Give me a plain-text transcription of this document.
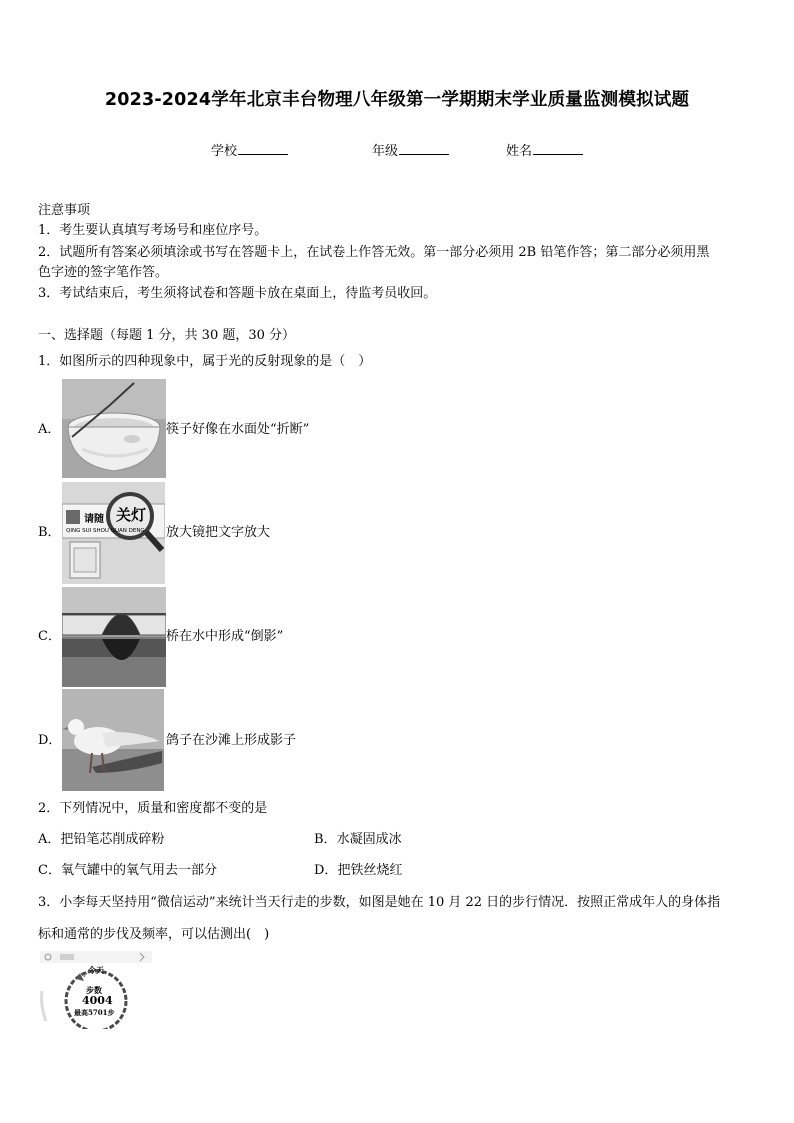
2023-2024学年北京丰台物理八年级第一学期期末学业质量监测模拟试题
学校	年级	姓名
注意事项
1．考生要认真填写考场号和座位序号。
2．试题所有答案必须填涂或书写在答题卡上，在试卷上作答无效。第一部分必须用 2B 铅笔作答；第二部分必须用黑
色字迹的签字笔作答。
3．考试结束后，考生须将试卷和答题卡放在桌面上，待监考员收回。
一、选择题（每题 1 分，共 30 题，30 分）
1．如图所示的四种现象中，属于光的反射现象的是（　）
A．	筷子好像在水面处“折断”
B．
请随 关灯
QING SUI SHOU GUAN DENG 放大镜把文字放大
C．	桥在水中形成“倒影”
D．	鸽子在沙滩上形成影子
2．下列情况中，质量和密度都不变的是
A．把铅笔芯削成碎粉	B．水凝固成冰
C．氧气罐中的氧气用去一部分	D．把铁丝烧红
3．小李每天坚持用“微信运动”来统计当天行走的步数，如图是她在 10 月 22 日的步行情况．按照正常成年人的身体指
标和通常的步伐及频率，可以估测出(　)
今天
步数
4004
最高5701步
